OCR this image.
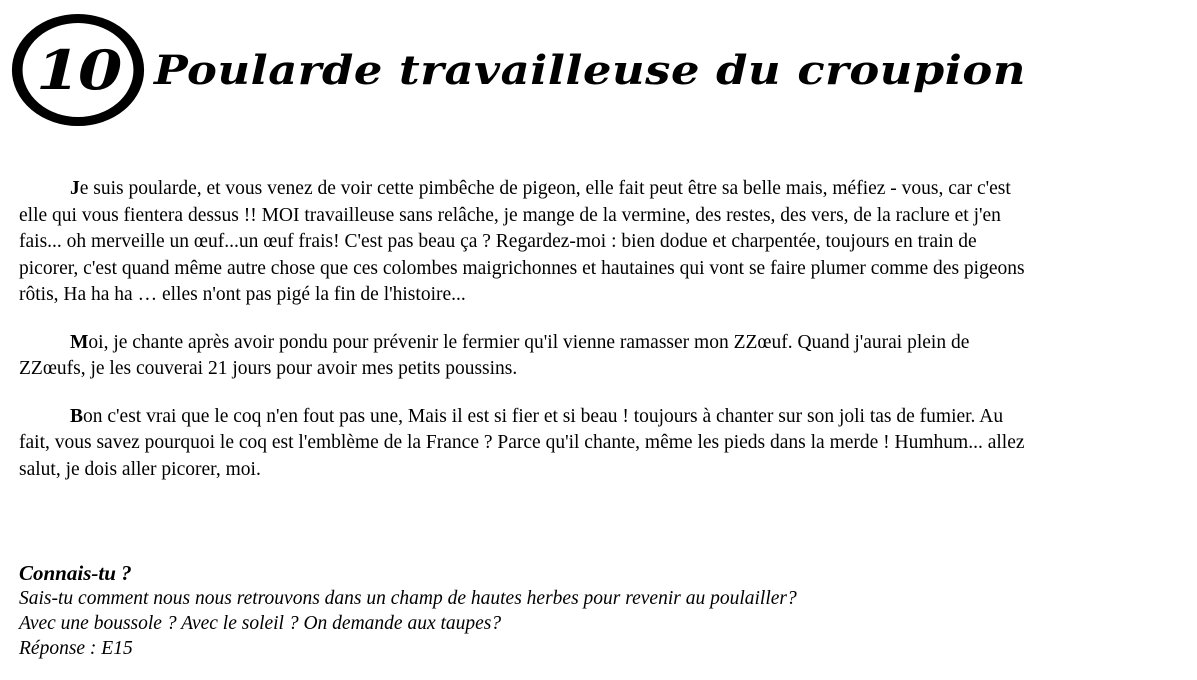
10 Poularde travailleuse du croupion

Je suis poularde, et vous venez de voir cette pimbêche de pigeon, elle fait peut être sa belle mais, méfiez - vous, car c'est elle qui vous fientera dessus !! MOI travailleuse sans relâche, je mange de la vermine, des restes, des vers, de la raclure et j'en fais... oh merveille un œuf...un œuf frais! C'est pas beau ça ? Regardez-moi : bien dodue et charpentée, toujours en train de picorer, c'est quand même autre chose que ces colombes maigrichonnes et hautaines qui vont se faire plumer comme des pigeons rôtis, Ha ha ha … elles n'ont pas pigé la fin de l'histoire...

Moi, je chante après avoir pondu pour prévenir le fermier qu'il vienne ramasser mon ZZœuf. Quand j'aurai plein de ZZœufs, je les couverai 21 jours pour avoir mes petits poussins.

Bon c'est vrai que le coq n'en fout pas une, Mais il est si fier et si beau ! toujours à chanter sur son joli tas de fumier. Au fait, vous savez pourquoi le coq est l'emblème de la France ? Parce qu'il chante, même les pieds dans la merde ! Humhum... allez salut, je dois aller picorer, moi.

Connais-tu ?
Sais-tu comment nous nous retrouvons dans un champ de hautes herbes pour revenir au poulailler?
Avec une boussole ? Avec le soleil ? On demande aux taupes?
Réponse : E15
